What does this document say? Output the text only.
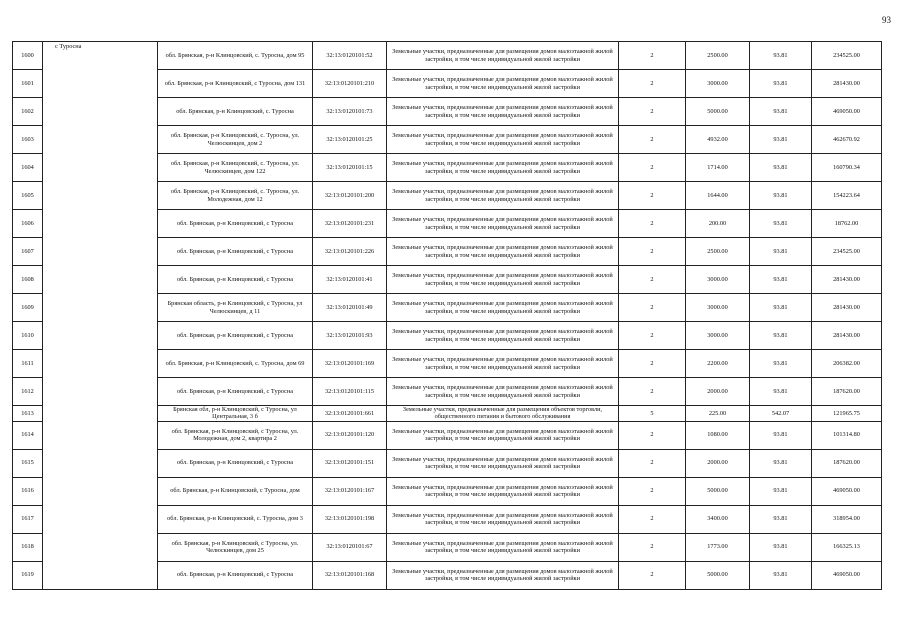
93
1600	с Туросна	обл. Брянская, р-н Клинцовский, с. Туросна, дом 95	32:13:0120101:52	Земельные участки, предназначенные для размещения домов малоэтажной жилой застройки, в том числе индивидуальной жилой застройки	2	2500.00	93.81	234525.00
1601		обл. Брянская, р-н Клинцовский, с Туросна, дом 131	32:13:0120101:210	Земельные участки, предназначенные для размещения домов малоэтажной жилой застройки, в том числе индивидуальной жилой застройки	2	3000.00	93.81	281430.00
1602		обл. Брянская, р-н Клинцовский, с. Туросна	32:13:0120101:73	Земельные участки, предназначенные для размещения домов малоэтажной жилой застройки, в том числе индивидуальной жилой застройки	2	5000.00	93.81	469050.00
1603		обл. Брянская, р-н Клинцовский, с. Туросна, ул. Челюскинцев, дом 2	32:13:0120101:25	Земельные участки, предназначенные для размещения домов малоэтажной жилой застройки, в том числе индивидуальной жилой застройки	2	4932.00	93.81	462670.92
1604		обл. Брянская, р-н Клинцовский, с. Туросна, ул. Челюскинцев, дом 122	32:13:0120101:15	Земельные участки, предназначенные для размещения домов малоэтажной жилой застройки, в том числе индивидуальной жилой застройки	2	1714.00	93.81	160790.34
1605		обл. Брянская, р-н Клинцовский, с. Туросна, ул. Молодежная, дом 12	32:13:0120101:200	Земельные участки, предназначенные для размещения домов малоэтажной жилой застройки, в том числе индивидуальной жилой застройки	2	1644.00	93.81	154223.64
1606		обл. Брянская, р-н Клинцовский, с Туросна	32:13:0120101:231	Земельные участки, предназначенные для размещения домов малоэтажной жилой застройки, в том числе индивидуальной жилой застройки	2	200.00	93.81	18762.00
1607		обл. Брянская, р-н Клинцовский, с Туросна	32:13:0120101:226	Земельные участки, предназначенные для размещения домов малоэтажной жилой застройки, в том числе индивидуальной жилой застройки	2	2500.00	93.81	234525.00
1608		обл. Брянская, р-н Клинцовский, с Туросна	32:13:0120101:41	Земельные участки, предназначенные для размещения домов малоэтажной жилой застройки, в том числе индивидуальной жилой застройки	2	3000.00	93.81	281430.00
1609		Брянская область, р-н Клинцовский, с Туросна, ул Челюскинцев, д 11	32:13:0120101:49	Земельные участки, предназначенные для размещения домов малоэтажной жилой застройки, в том числе индивидуальной жилой застройки	2	3000.00	93.81	281430.00
1610		обл. Брянская, р-н Клинцовский, с Туросна	32:13:0120101:93	Земельные участки, предназначенные для размещения домов малоэтажной жилой застройки, в том числе индивидуальной жилой застройки	2	3000.00	93.81	281430.00
1611		обл. Брянская, р-н Клинцовский, с. Туросна, дом 69	32:13:0120101:169	Земельные участки, предназначенные для размещения домов малоэтажной жилой застройки, в том числе индивидуальной жилой застройки	2	2200.00	93.81	206382.00
1612		обл. Брянская, р-н Клинцовский, с Туросна	32:13:0120101:115	Земельные участки, предназначенные для размещения домов малоэтажной жилой застройки, в том числе индивидуальной жилой застройки	2	2000.00	93.81	187620.00
1613		Брянская обл, р-н Клинцовский, с Туросна, ул Центральная, 3 б	32:13:0120101:661	Земельные участки, предназначенные для размещения объектов торговли, общественного питания и бытового обслуживания	5	225.00	542.07	121965.75
1614		обл. Брянская, р-н Клинцовский, с Туросна, ул. Молодежная, дом 2, квартира 2	32:13:0120101:120	Земельные участки, предназначенные для размещения домов малоэтажной жилой застройки, в том числе индивидуальной жилой застройки	2	1080.00	93.81	101314.80
1615		обл. Брянская, р-н Клинцовский, с Туросна	32:13:0120101:151	Земельные участки, предназначенные для размещения домов малоэтажной жилой застройки, в том числе индивидуальной жилой застройки	2	2000.00	93.81	187620.00
1616		обл. Брянская, р-н Клинцовский, с Туросна, дом	32:13:0120101:167	Земельные участки, предназначенные для размещения домов малоэтажной жилой застройки, в том числе индивидуальной жилой застройки	2	5000.00	93.81	469050.00
1617		обл. Брянская, р-н Клинцовский, с. Туросна, дом 3	32:13:0120101:198	Земельные участки, предназначенные для размещения домов малоэтажной жилой застройки, в том числе индивидуальной жилой застройки	2	3400.00	93.81	318954.00
1618		обл. Брянская, р-н Клинцовский, с Туросна, ул. Челюскинцев, дом 25	32:13:0120101:67	Земельные участки, предназначенные для размещения домов малоэтажной жилой застройки, в том числе индивидуальной жилой застройки	2	1773.00	93.81	166325.13
1619		обл. Брянская, р-н Клинцовский, с Туросна	32:13:0120101:168	Земельные участки, предназначенные для размещения домов малоэтажной жилой застройки, в том числе индивидуальной жилой застройки	2	5000.00	93.81	469050.00
